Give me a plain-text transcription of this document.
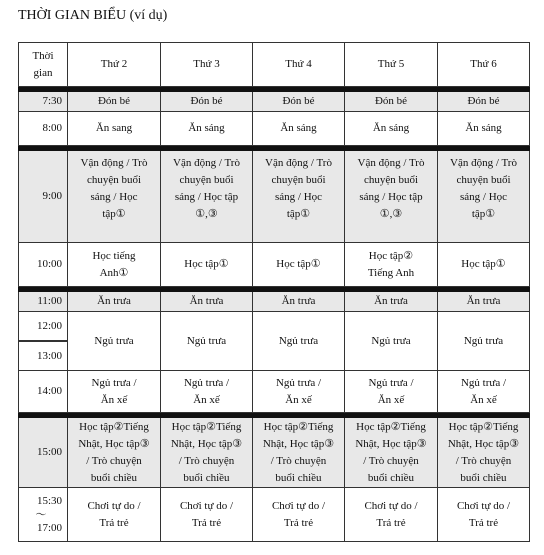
THỜI GIAN BIỂU (ví dụ)
Thời
gian	Thứ 2	Thứ 3	Thứ 4	Thứ 5	Thứ 6

7:30	Đón bé	Đón bé	Đón bé	Đón bé	Đón bé
8:00	Ăn sang	Ăn sáng	Ăn sáng	Ăn sáng	Ăn sáng

9:00	Vận động / Trò
chuyện buổi
sáng / Học
tập①	Vận động / Trò
chuyện buổi
sáng / Học tập
①,③	Vận động / Trò
chuyện buổi
sáng / Học
tập①	Vận động / Trò
chuyện buổi
sáng / Học tập
①,③	Vận động / Trò
chuyện buổi
sáng / Học
tập①

10:00	Học tiếng
Anh①	Học tập①	Học tập①	Học tập②
Tiếng Anh	Học tập①

11:00	Ăn trưa	Ăn trưa	Ăn trưa	Ăn trưa	Ăn trưa

12:00
13:00	Ngủ trưa	Ngủ trưa	Ngủ trưa	Ngủ trưa	Ngủ trưa
14:00	Ngủ trưa /
Ăn xế	Ngủ trưa /
Ăn xế	Ngủ trưa /
Ăn xế	Ngủ trưa /
Ăn xế	Ngủ trưa /
Ăn xế

15:00	Học tập②Tiếng
Nhật, Học tập③
/ Trò chuyện
buổi chiều	Học tập②Tiếng
Nhật, Học tập③
/ Trò chuyện
buổi chiều	Học tập②Tiếng
Nhật, Học tập③
/ Trò chuyện
buổi chiều	Học tập②Tiếng
Nhật, Học tập③
/ Trò chuyện
buổi chiều	Học tập②Tiếng
Nhật, Học tập③
/ Trò chuyện
buổi chiều

15:30
〜
17:00	Chơi tự do /
Trả trẻ	Chơi tự do /
Trả trẻ	Chơi tự do /
Trả trẻ	Chơi tự do /
Trả trẻ	Chơi tự do /
Trả trẻ
